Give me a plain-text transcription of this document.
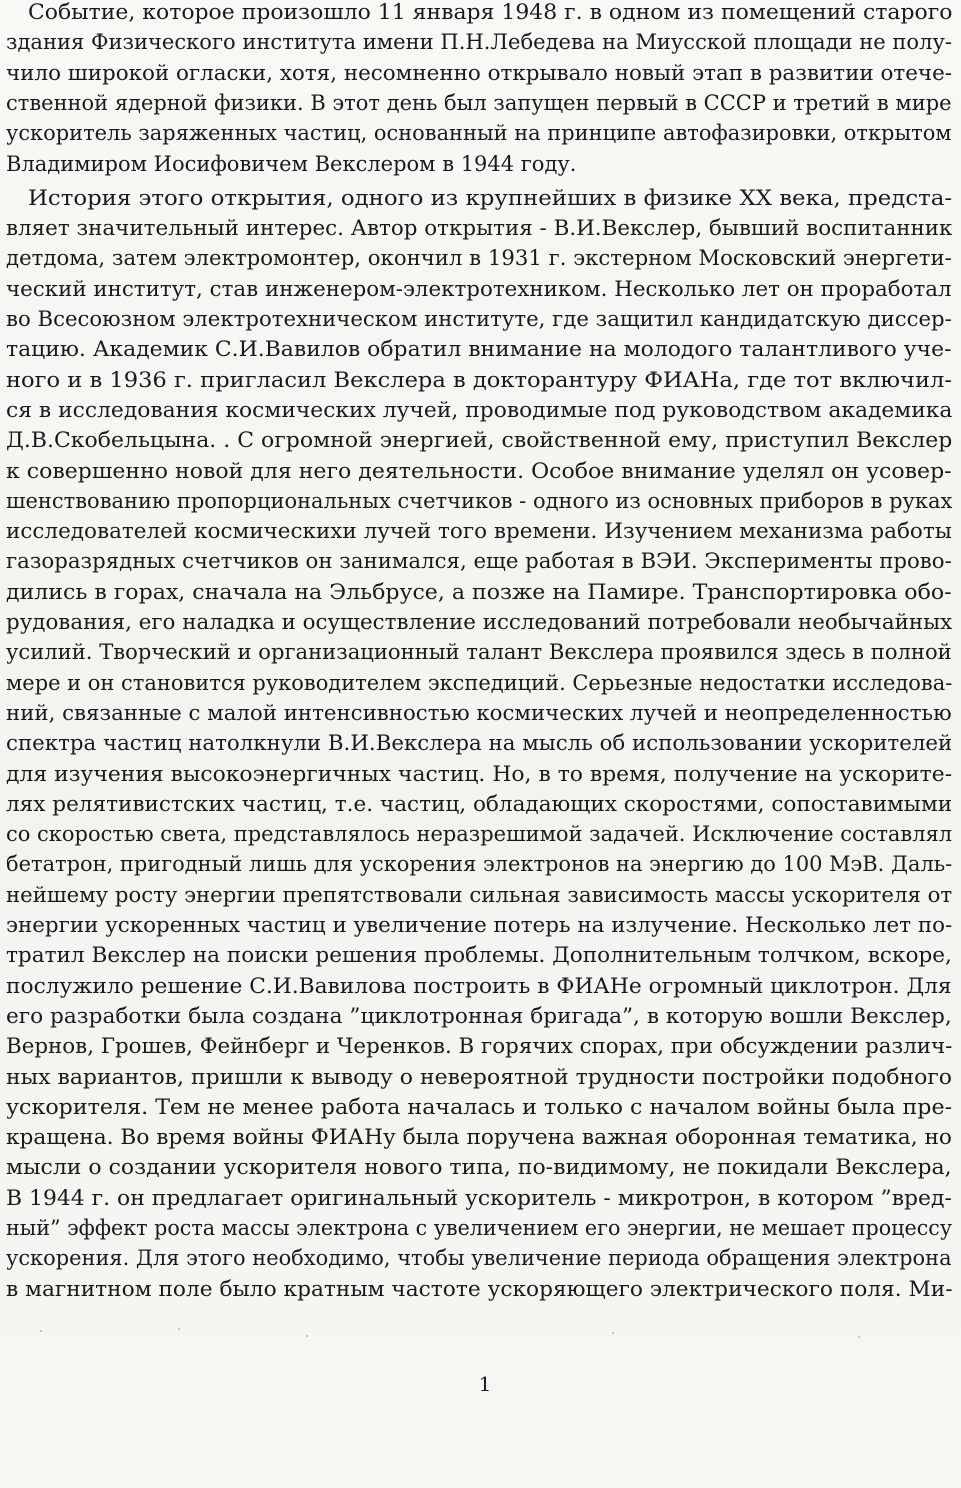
Событие, которое произошло 11 января 1948 г. в одном из помещений старого
здания Физического института имени П.Н.Лебедева на Миусской площади не полу-
чило широкой огласки, хотя, несомненно открывало новый этап в развитии отече-
ственной ядерной физики. В этот день был запущен первый в СССР и третий в мире
ускоритель заряженных частиц, основанный на принципе автофазировки, открытом
Владимиром Иосифовичем Векслером в 1944 году.
История этого открытия, одного из крупнейших в физике XX века, предста-
вляет значительный интерес. Автор открытия - В.И.Векслер, бывший воспитанник
детдома, затем электромонтер, окончил в 1931 г. экстерном Московский энергети-
ческий институт, став инженером-электротехником. Несколько лет он проработал
во Всесоюзном электротехническом институте, где защитил кандидатскую диссер-
тацию. Академик С.И.Вавилов обратил внимание на молодого талантливого уче-
ного и в 1936 г. пригласил Векслера в докторантуру ФИАНа, где тот включил-
ся в исследования космических лучей, проводимые под руководством академика
Д.В.Скобельцына. . С огромной энергией, свойственной ему, приступил Векслер
к совершенно новой для него деятельности. Особое внимание уделял он усовер-
шенствованию пропорциональных счетчиков - одного из основных приборов в руках
исследователей космическихи лучей того времени. Изучением механизма работы
газоразрядных счетчиков он занимался, еще работая в ВЭИ. Эксперименты прово-
дились в горах, сначала на Эльбрусе, а позже на Памире. Транспортировка обо-
рудования, его наладка и осуществление исследований потребовали необычайных
усилий. Творческий и организационный талант Векслера проявился здесь в полной
мере и он становится руководителем экспедиций. Серьезные недостатки исследова-
ний, связанные с малой интенсивностью космических лучей и неопределенностью
спектра частиц натолкнули В.И.Векслера на мысль об использовании ускорителей
для изучения высокоэнергичных частиц. Но, в то время, получение на ускорите-
лях релятивистских частиц, т.е. частиц, обладающих скоростями, сопоставимыми
со скоростью света, представлялось неразрешимой задачей. Исключение составлял
бетатрон, пригодный лишь для ускорения электронов на энергию до 100 МэВ. Даль-
нейшему росту энергии препятствовали сильная зависимость массы ускорителя от
энергии ускоренных частиц и увеличение потерь на излучение. Несколько лет по-
тратил Векслер на поиски решения проблемы. Дополнительным толчком, вскоре,
послужило решение С.И.Вавилова построить в ФИАНе огромный циклотрон. Для
его разработки была создана ”циклотронная бригада”, в которую вошли Векслер,
Вернов, Грошев, Фейнберг и Черенков. В горячих спорах, при обсуждении различ-
ных вариантов, пришли к выводу о невероятной трудности постройки подобного
ускорителя. Тем не менее работа началась и только с началом войны была пре-
кращена. Во время войны ФИАНу была поручена важная оборонная тематика, но
мысли о создании ускорителя нового типа, по-видимому, не покидали Векслера,
В 1944 г. он предлагает оригинальный ускоритель - микротрон, в котором ”вред-
ный” эффект роста массы электрона с увеличением его энергии, не мешает процессу
ускорения. Для этого необходимо, чтобы увеличение периода обращения электрона
в магнитном поле было кратным частоте ускоряющего электрического поля. Ми-
1
